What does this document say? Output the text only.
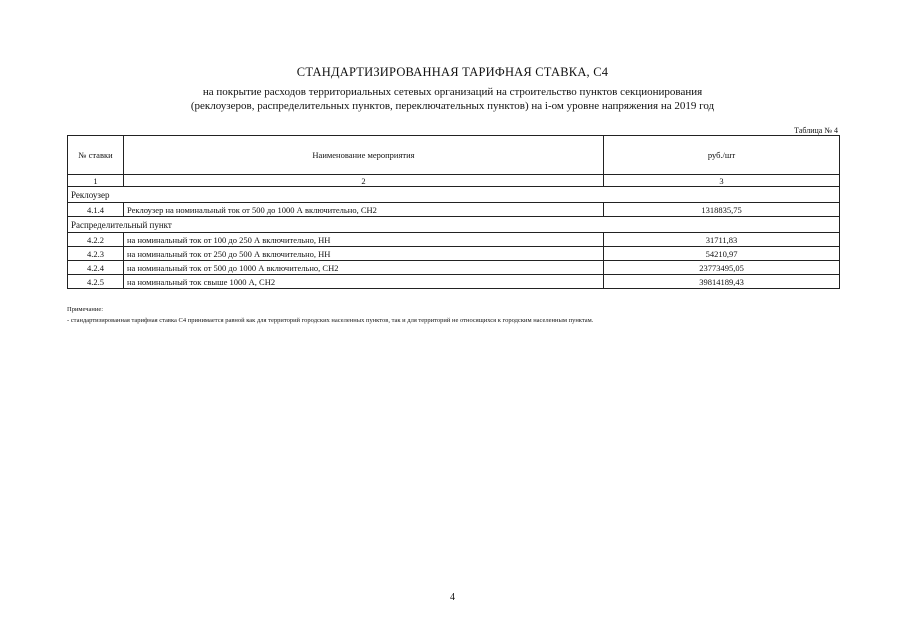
СТАНДАРТИЗИРОВАННАЯ ТАРИФНАЯ СТАВКА, С4
на покрытие расходов территориальных сетевых организаций на строительство пунктов секционирования
(реклоузеров, распределительных пунктов, переключательных пунктов) на i-ом уровне напряжения на 2019 год
Таблица № 4
№ ставки	Наименование мероприятия	руб./шт
1	2	3
Реклоузер		
4.1.4	Реклоузер на номинальный ток от 500 до 1000 А включительно, СН2	1318835,75
Распределительный пункт		
4.2.2	на номинальный ток от 100 до 250 А включительно, НН	31711,83
4.2.3	на номинальный ток от 250 до 500 А включительно, НН	54210,97
4.2.4	на номинальный ток от 500 до 1000 А включительно, СН2	23773495,05
4.2.5	на номинальный ток свыше 1000 А, СН2	39814189,43
Примечание:
- стандартизированная тарифная ставка С4 принимается равной как для территорий городских населенных пунктов, так и для территорий не относящихся к городским населенным пунктам.
4
